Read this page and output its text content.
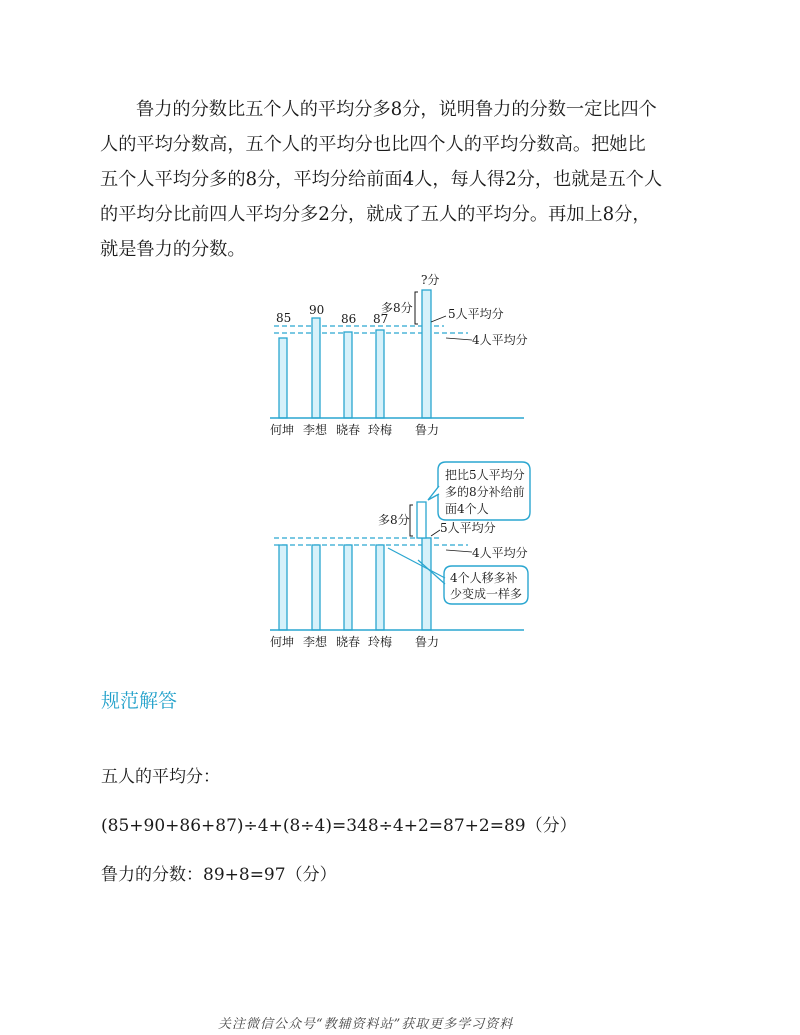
鲁力的分数比五个人的平均分多8分，说明鲁力的分数一定比四个
人的平均分数高，五个人的平均分也比四个人的平均分数高。把她比
五个人平均分多的8分，平均分给前面4人，每人得2分，也就是五个人
的平均分比前四人平均分多2分，就成了五人的平均分。再加上8分，
就是鲁力的分数。
85
90
86 87
?分
多8分	5人平均分
4人平均分
何坤 李想 晓春 玲梅 鲁力
多8分
5人平均分
4人平均分
把比5人平均分
多的8分补给前
面4个人
4个人移多补
少变成一样多
何坤 李想 晓春 玲梅 鲁力
规范解答
五人的平均分：
(85+90+86+87)÷4+(8÷4)=348÷4+2=87+2=89（分）
鲁力的分数：89+8=97（分）
关注微信公众号“教辅资料站”获取更多学习资料
